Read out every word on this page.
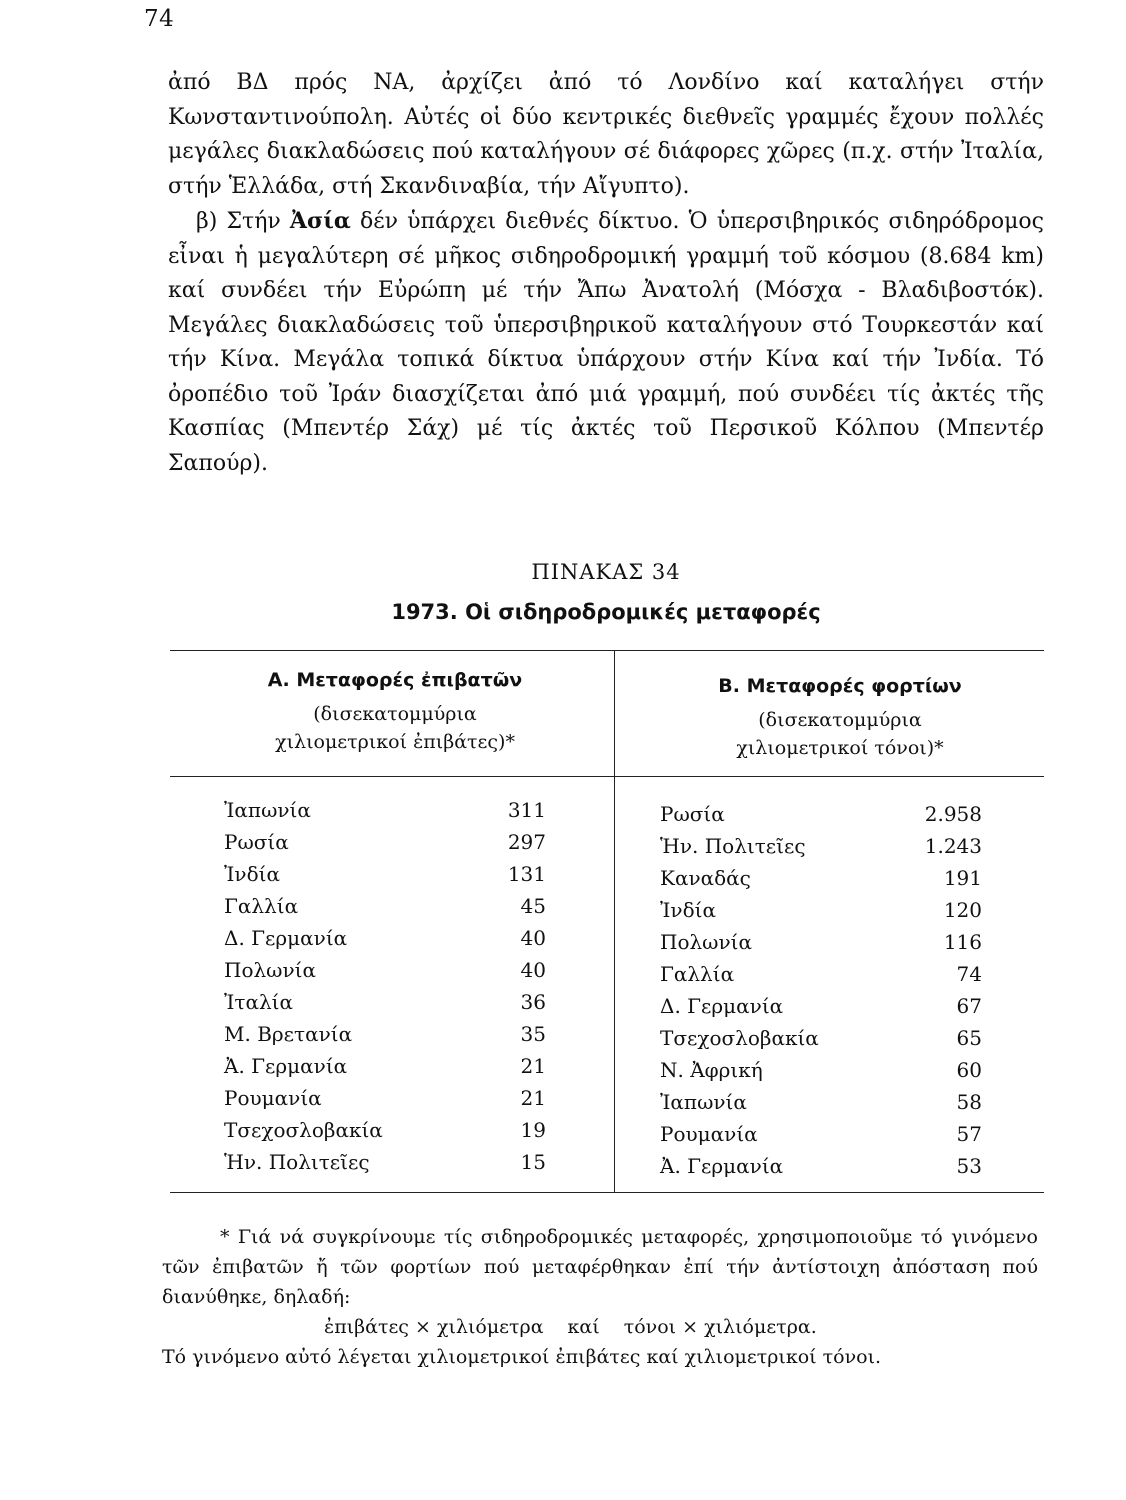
74

ἀπό ΒΔ πρός ΝΑ, ἀρχίζει ἀπό τό Λονδίνο καί καταλήγει στήν Κωνσταντινούπολη. Αὐτές οἱ δύο κεντρικές διεθνεῖς γραμμές ἔχουν πολλές μεγάλες διακλαδώσεις πού καταλήγουν σέ διάφορες χῶρες (π.χ. στήν Ἰταλία, στήν Ἑλλάδα, στή Σκανδιναβία, τήν Αἴγυπτο).

β) Στήν Ἀσία δέν ὑπάρχει διεθνές δίκτυο. Ὁ ὑπερσιβηρικός σιδηρόδρομος εἶναι ἡ μεγαλύτερη σέ μῆκος σιδηροδρομική γραμμή τοῦ κόσμου (8.684 km) καί συνδέει τήν Εὐρώπη μέ τήν Ἄπω Ἀνατολή (Μόσχα - Βλαδιβοστόκ). Μεγάλες διακλαδώσεις τοῦ ὑπερσιβηρικοῦ καταλήγουν στό Τουρκεστάν καί τήν Κίνα. Μεγάλα τοπικά δίκτυα ὑπάρχουν στήν Κίνα καί τήν Ἰνδία. Τό ὀροπέδιο τοῦ Ἰράν διασχίζεται ἀπό μιά γραμμή, πού συνδέει τίς ἀκτές τῆς Κασπίας (Μπεντέρ Σάχ) μέ τίς ἀκτές τοῦ Περσικοῦ Κόλπου (Μπεντέρ Σαπούρ).

ΠΙΝΑΚΑΣ 34
1973. Οἱ σιδηροδρομικές μεταφορές
Α. Μεταφορές ἐπιβατῶν
(δισεκατομμύρια
χιλιομετρικοί ἐπιβάτες)*
Β. Μεταφορές φορτίων
(δισεκατομμύρια
χιλιομετρικοί τόνοι)*
Ἰαπωνία	311
Ρωσία	297
Ἰνδία	131
Γαλλία	45
Δ. Γερμανία	40
Πολωνία	40
Ἰταλία	36
Μ. Βρετανία	35
Ἀ. Γερμανία	21
Ρουμανία	21
Τσεχοσλοβακία	19
Ἡν. Πολιτεῖες	15
Ρωσία	2.958
Ἡν. Πολιτεῖες	1.243
Καναδάς	191
Ἰνδία	120
Πολωνία	116
Γαλλία	74
Δ. Γερμανία	67
Τσεχοσλοβακία	65
Ν. Ἀφρική	60
Ἰαπωνία	58
Ρουμανία	57
Ἀ. Γερμανία	53

* Γιά νά συγκρίνουμε τίς σιδηροδρομικές μεταφορές, χρησιμοποιοῦμε τό γινόμενο τῶν ἐπιβατῶν ἤ τῶν φορτίων πού μεταφέρθηκαν ἐπί τήν ἀντίστοιχη ἀπόσταση πού διανύθηκε, δηλαδή:

ἐπιβάτες × χιλιόμετρα καί τόνοι × χιλιόμετρα.

Τό γινόμενο αὐτό λέγεται χιλιομετρικοί ἐπιβάτες καί χιλιομετρικοί τόνοι.
